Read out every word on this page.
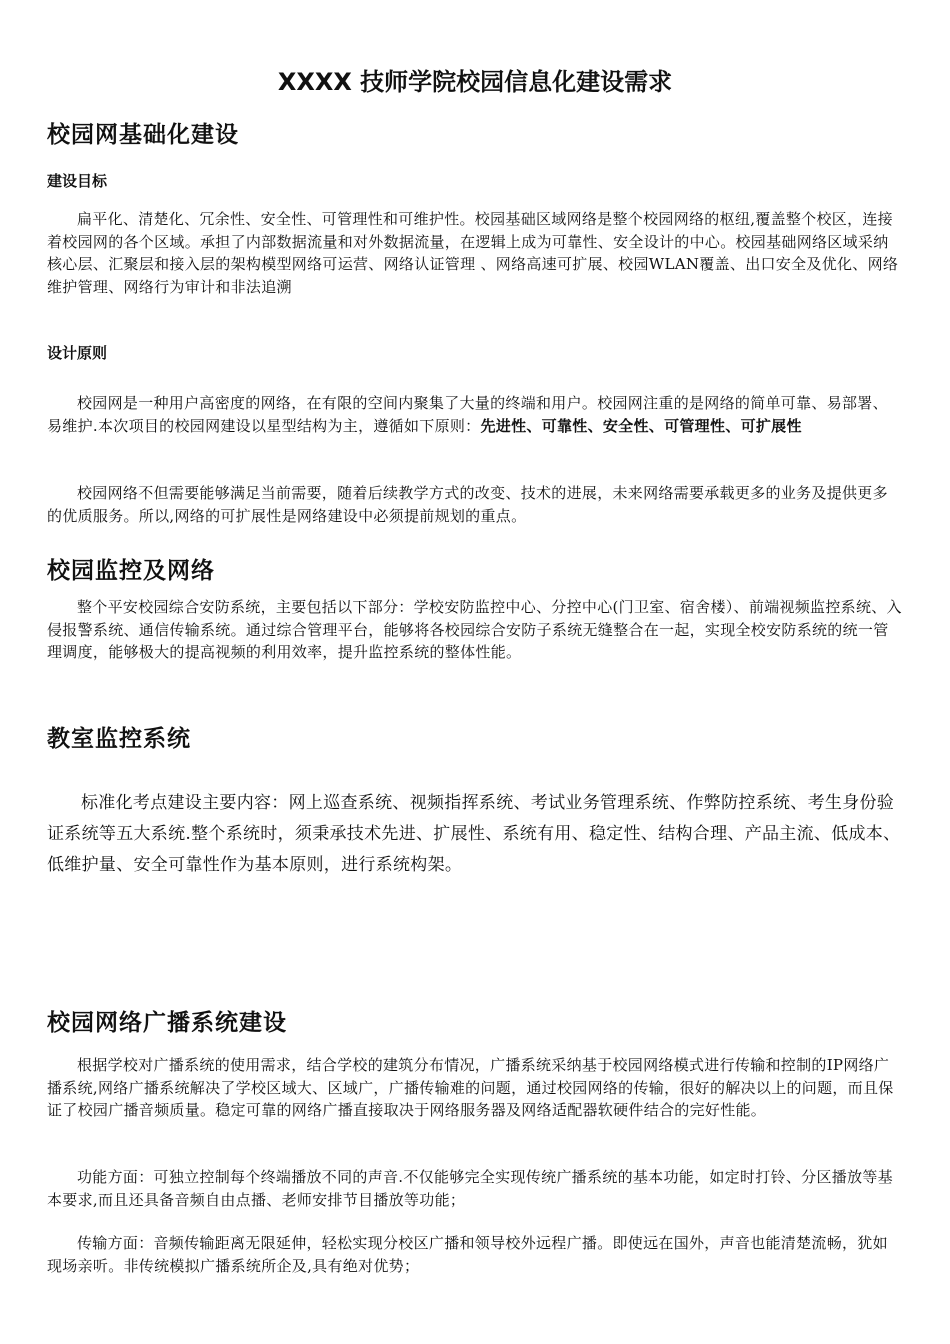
XXXX 技师学院校园信息化建设需求
校园网基础化建设
建设目标

扁平化、清楚化、冗余性、安全性、可管理性和可维护性。校园基础区域网络是整个校园网络的枢纽,覆盖整个校区，连接着校园网的各个区域。承担了内部数据流量和对外数据流量，在逻辑上成为可靠性、安全设计的中心。校园基础网络区域采纳核心层、汇聚层和接入层的架构模型网络可运营、网络认证管理 、网络高速可扩展、校园WLAN覆盖、出口安全及优化、网络维护管理、网络行为审计和非法追溯

设计原则

校园网是一种用户高密度的网络，在有限的空间内聚集了大量的终端和用户。校园网注重的是网络的简单可靠、易部署、易维护.本次项目的校园网建设以星型结构为主，遵循如下原则：先进性、可靠性、安全性、可管理性、可扩展性

校园网络不但需要能够满足当前需要，随着后续教学方式的改变、技术的进展，未来网络需要承载更多的业务及提供更多的优质服务。所以,网络的可扩展性是网络建设中必须提前规划的重点。

校园监控及网络

整个平安校园综合安防系统，主要包括以下部分：学校安防监控中心、分控中心(门卫室、宿舍楼）、前端视频监控系统、入侵报警系统、通信传输系统。通过综合管理平台，能够将各校园综合安防子系统无缝整合在一起，实现全校安防系统的统一管理调度，能够极大的提高视频的利用效率，提升监控系统的整体性能。

教室监控系统

标准化考点建设主要内容：网上巡查系统、视频指挥系统、考试业务管理系统、作弊防控系统、考生身份验证系统等五大系统.整个系统时，须秉承技术先进、扩展性、系统有用、稳定性、结构合理、产品主流、低成本、低维护量、安全可靠性作为基本原则，进行系统构架。

校园网络广播系统建设

根据学校对广播系统的使用需求，结合学校的建筑分布情况，广播系统采纳基于校园网络模式进行传输和控制的IP网络广播系统,网络广播系统解决了学校区域大、区域广，广播传输难的问题，通过校园网络的传输，很好的解决以上的问题，而且保证了校园广播音频质量。稳定可靠的网络广播直接取决于网络服务器及网络适配器软硬件结合的完好性能。

功能方面：可独立控制每个终端播放不同的声音.不仅能够完全实现传统广播系统的基本功能，如定时打铃、分区播放等基本要求,而且还具备音频自由点播、老师安排节目播放等功能；

传输方面：音频传输距离无限延伸，轻松实现分校区广播和领导校外远程广播。即使远在国外，声音也能清楚流畅，犹如现场亲听。非传统模拟广播系统所企及,具有绝对优势；
